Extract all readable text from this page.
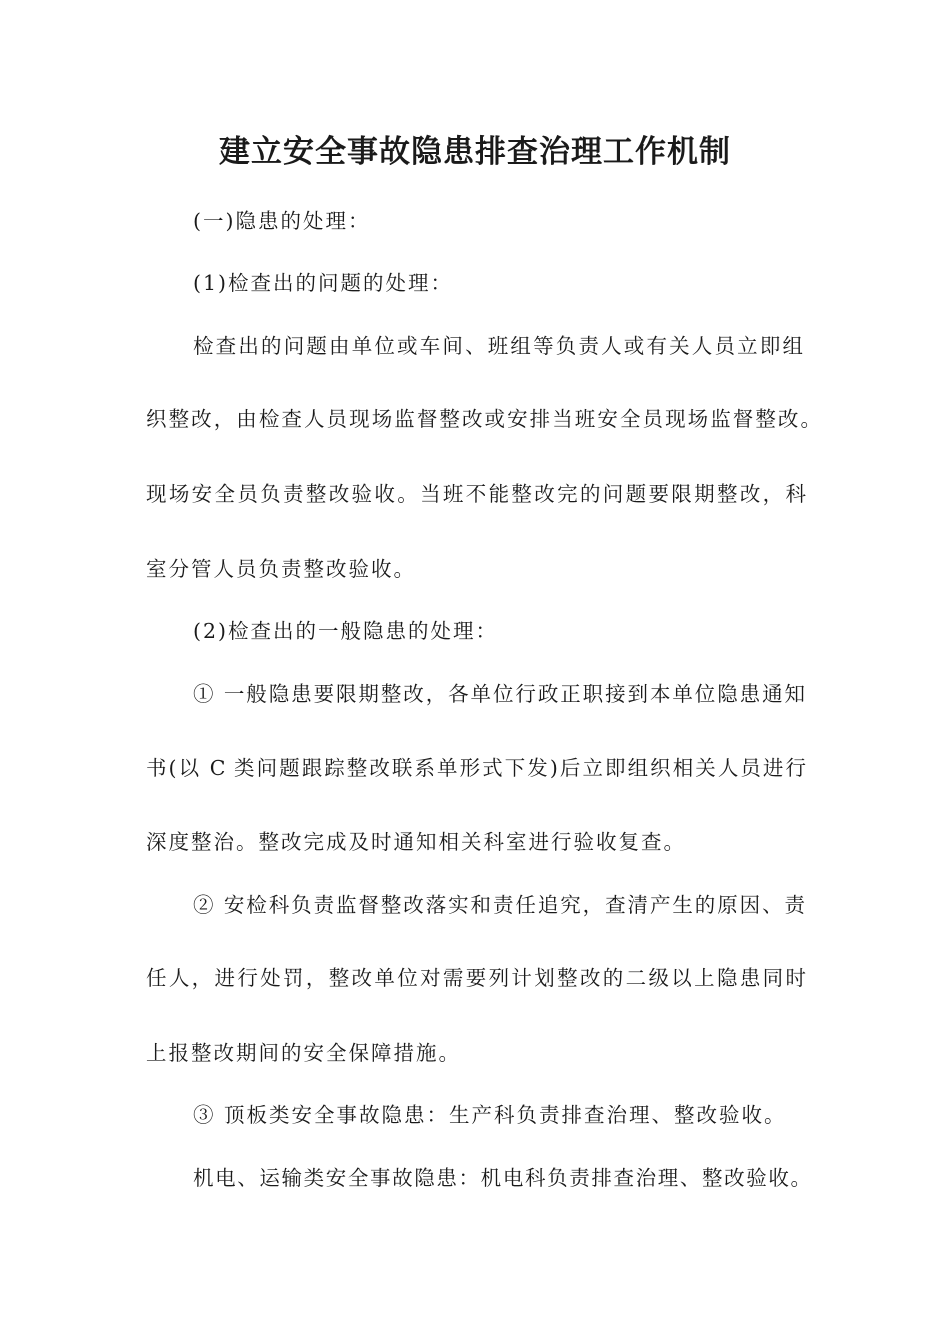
建立安全事故隐患排查治理工作机制
(一)隐患的处理：
(1)检查出的问题的处理：
检查出的问题由单位或车间、班组等负责人或有关人员立即组
织整改，由检查人员现场监督整改或安排当班安全员现场监督整改。
现场安全员负责整改验收。当班不能整改完的问题要限期整改，科
室分管人员负责整改验收。
(2)检查出的一般隐患的处理：
① 一般隐患要限期整改，各单位行政正职接到本单位隐患通知
书(以 C 类问题跟踪整改联系单形式下发)后立即组织相关人员进行
深度整治。整改完成及时通知相关科室进行验收复查。
② 安检科负责监督整改落实和责任追究，查清产生的原因、责
任人，进行处罚，整改单位对需要列计划整改的二级以上隐患同时
上报整改期间的安全保障措施。
③ 顶板类安全事故隐患：生产科负责排查治理、整改验收。
机电、运输类安全事故隐患：机电科负责排查治理、整改验收。
